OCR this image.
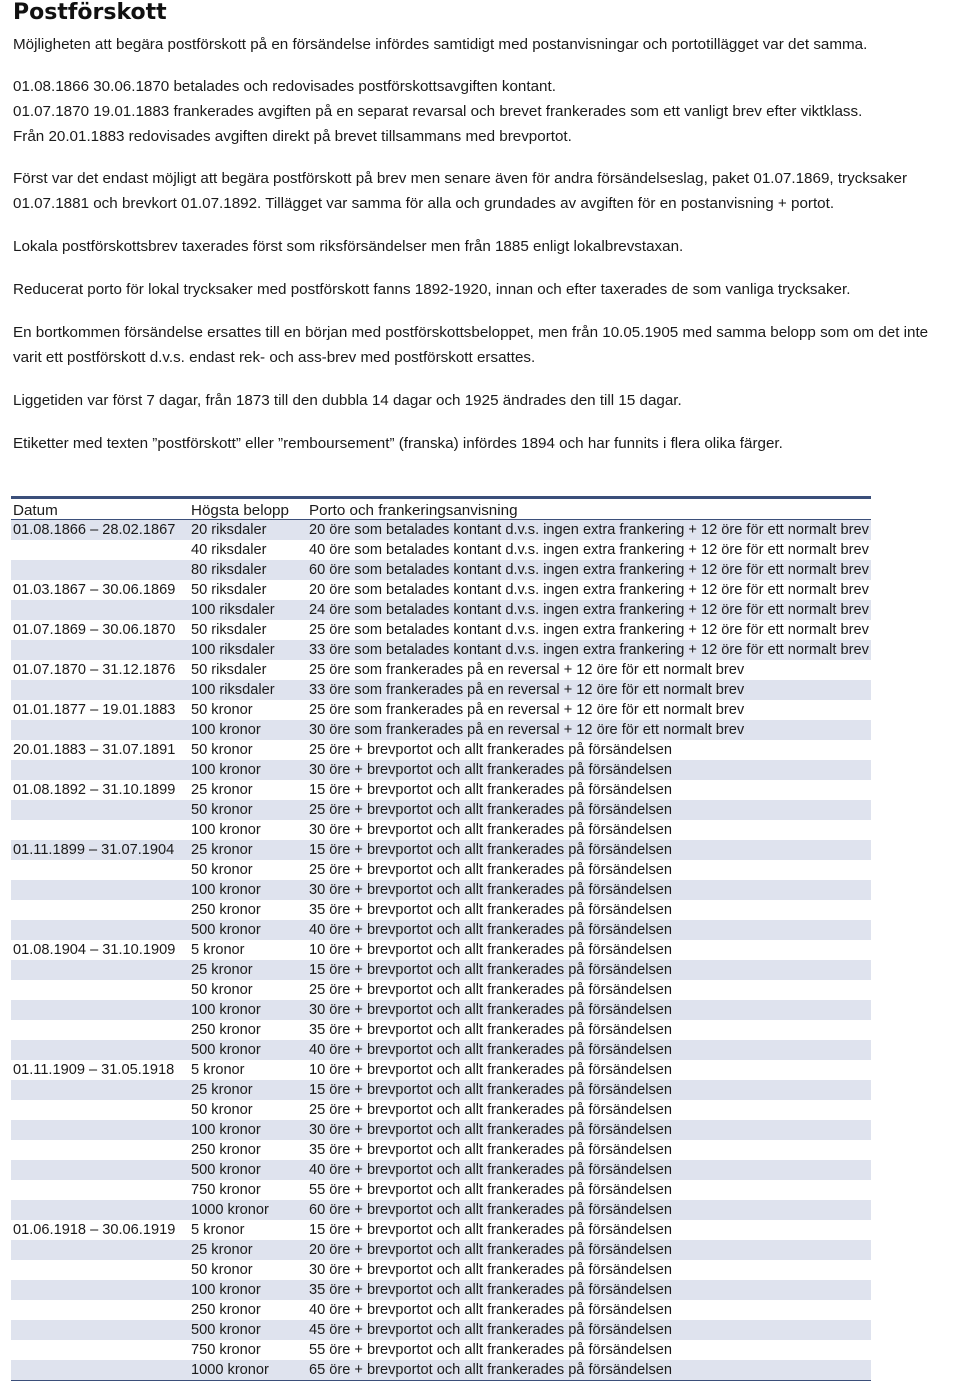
Postförskott

Möjligheten att begära postförskott på en försändelse infördes samtidigt med postanvisningar och portotillägget var det samma.

01.08.1866 30.06.1870 betalades och redovisades postförskottsavgiften kontant.

01.07.1870 19.01.1883 frankerades avgiften på en separat revarsal och brevet frankerades som ett vanligt brev efter viktklass.

Från 20.01.1883 redovisades avgiften direkt på brevet tillsammans med brevportot.

Först var det endast möjligt att begära postförskott på brev men senare även för andra försändelseslag, paket 01.07.1869, trycksaker

01.07.1881 och brevkort 01.07.1892. Tillägget var samma för alla och grundades av avgiften för en postanvisning + portot.

Lokala postförskottsbrev taxerades först som riksförsändelser men från 1885 enligt lokalbrevstaxan.

Reducerat porto för lokal trycksaker med postförskott fanns 1892-1920, innan och efter taxerades de som vanliga trycksaker.

En bortkommen försändelse ersattes till en början med postförskottsbeloppet, men från 10.05.1905 med samma belopp som om det inte

varit ett postförskott d.v.s. endast rek- och ass-brev med postförskott ersattes.

Liggetiden var först 7 dagar, från 1873 till den dubbla 14 dagar och 1925 ändrades den till 15 dagar.

Etiketter med texten ”postförskott” eller ”remboursement” (franska) infördes 1894 och har funnits i flera olika färger.

Datum	Högsta belopp	Porto och frankeringsanvisning
01.08.1866 – 28.02.1867	20 riksdaler	20 öre som betalades kontant d.v.s. ingen extra frankering + 12 öre för ett normalt brev
	40 riksdaler	40 öre som betalades kontant d.v.s. ingen extra frankering + 12 öre för ett normalt brev
	80 riksdaler	60 öre som betalades kontant d.v.s. ingen extra frankering + 12 öre för ett normalt brev
01.03.1867 – 30.06.1869	50 riksdaler	20 öre som betalades kontant d.v.s. ingen extra frankering + 12 öre för ett normalt brev
	100 riksdaler	24 öre som betalades kontant d.v.s. ingen extra frankering + 12 öre för ett normalt brev
01.07.1869 – 30.06.1870	50 riksdaler	25 öre som betalades kontant d.v.s. ingen extra frankering + 12 öre för ett normalt brev
	100 riksdaler	33 öre som betalades kontant d.v.s. ingen extra frankering + 12 öre för ett normalt brev
01.07.1870 – 31.12.1876	50 riksdaler	25 öre som frankerades på en reversal + 12 öre för ett normalt brev
	100 riksdaler	33 öre som frankerades på en reversal + 12 öre för ett normalt brev
01.01.1877 – 19.01.1883	50 kronor	25 öre som frankerades på en reversal + 12 öre för ett normalt brev
	100 kronor	30 öre som frankerades på en reversal + 12 öre för ett normalt brev
20.01.1883 – 31.07.1891	50 kronor	25 öre + brevportot och allt frankerades på försändelsen
	100 kronor	30 öre + brevportot och allt frankerades på försändelsen
01.08.1892 – 31.10.1899	25 kronor	15 öre + brevportot och allt frankerades på försändelsen
	50 kronor	25 öre + brevportot och allt frankerades på försändelsen
	100 kronor	30 öre + brevportot och allt frankerades på försändelsen
01.11.1899 – 31.07.1904	25 kronor	15 öre + brevportot och allt frankerades på försändelsen
	50 kronor	25 öre + brevportot och allt frankerades på försändelsen
	100 kronor	30 öre + brevportot och allt frankerades på försändelsen
	250 kronor	35 öre + brevportot och allt frankerades på försändelsen
	500 kronor	40 öre + brevportot och allt frankerades på försändelsen
01.08.1904 – 31.10.1909	5 kronor	10 öre + brevportot och allt frankerades på försändelsen
	25 kronor	15 öre + brevportot och allt frankerades på försändelsen
	50 kronor	25 öre + brevportot och allt frankerades på försändelsen
	100 kronor	30 öre + brevportot och allt frankerades på försändelsen
	250 kronor	35 öre + brevportot och allt frankerades på försändelsen
	500 kronor	40 öre + brevportot och allt frankerades på försändelsen
01.11.1909 – 31.05.1918	5 kronor	10 öre + brevportot och allt frankerades på försändelsen
	25 kronor	15 öre + brevportot och allt frankerades på försändelsen
	50 kronor	25 öre + brevportot och allt frankerades på försändelsen
	100 kronor	30 öre + brevportot och allt frankerades på försändelsen
	250 kronor	35 öre + brevportot och allt frankerades på försändelsen
	500 kronor	40 öre + brevportot och allt frankerades på försändelsen
	750 kronor	55 öre + brevportot och allt frankerades på försändelsen
	1000 kronor	60 öre + brevportot och allt frankerades på försändelsen
01.06.1918 – 30.06.1919	5 kronor	15 öre + brevportot och allt frankerades på försändelsen
	25 kronor	20 öre + brevportot och allt frankerades på försändelsen
	50 kronor	30 öre + brevportot och allt frankerades på försändelsen
	100 kronor	35 öre + brevportot och allt frankerades på försändelsen
	250 kronor	40 öre + brevportot och allt frankerades på försändelsen
	500 kronor	45 öre + brevportot och allt frankerades på försändelsen
	750 kronor	55 öre + brevportot och allt frankerades på försändelsen
	1000 kronor	65 öre + brevportot och allt frankerades på försändelsen
